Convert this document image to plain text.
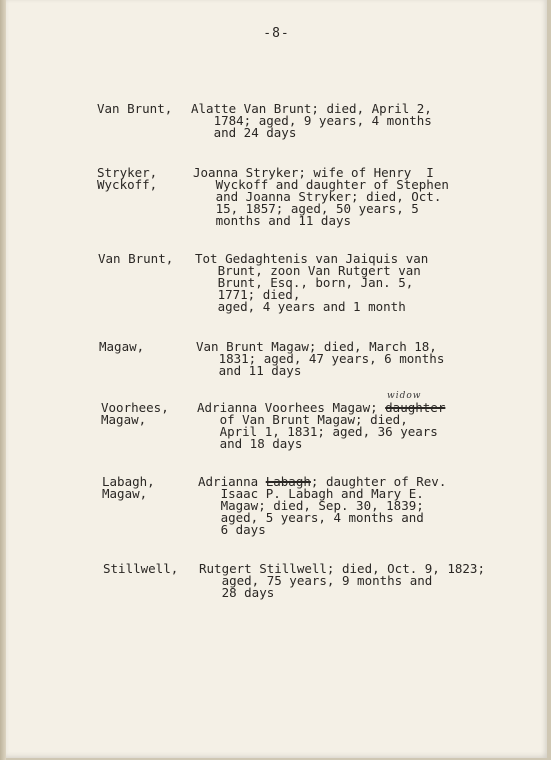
-8-
Van Brunt, Alatte Van Brunt; died, April 2,
1784; aged, 9 years, 4 months
and 24 days
Stryker,
Wyckoff,
Joanna Stryker; wife of Henry  I
Wyckoff and daughter of Stephen
and Joanna Stryker; died, Oct.
15, 1857; aged, 50 years, 5
months and 11 days
Van Brunt, Tot Gedaghtenis van Jaiquis van
Brunt, zoon Van Rutgert van
Brunt, Esq., born, Jan. 5,
1771; died,
aged, 4 years and 1 month
Magaw,	Van Brunt Magaw; died, March 18,
1831; aged, 47 years, 6 months
and 11 days
Voorhees,
Magaw,
widow
Adrianna Voorhees Magaw; daughter
of Van Brunt Magaw; died,
April 1, 1831; aged, 36 years
and 18 days
Labagh,
Magaw,
Adrianna Labagh; daughter of Rev.
Isaac P. Labagh and Mary E.
Magaw; died, Sep. 30, 1839;
aged, 5 years, 4 months and
6 days
Stillwell, Rutgert Stillwell; died, Oct. 9, 1823;
aged, 75 years, 9 months and
28 days
